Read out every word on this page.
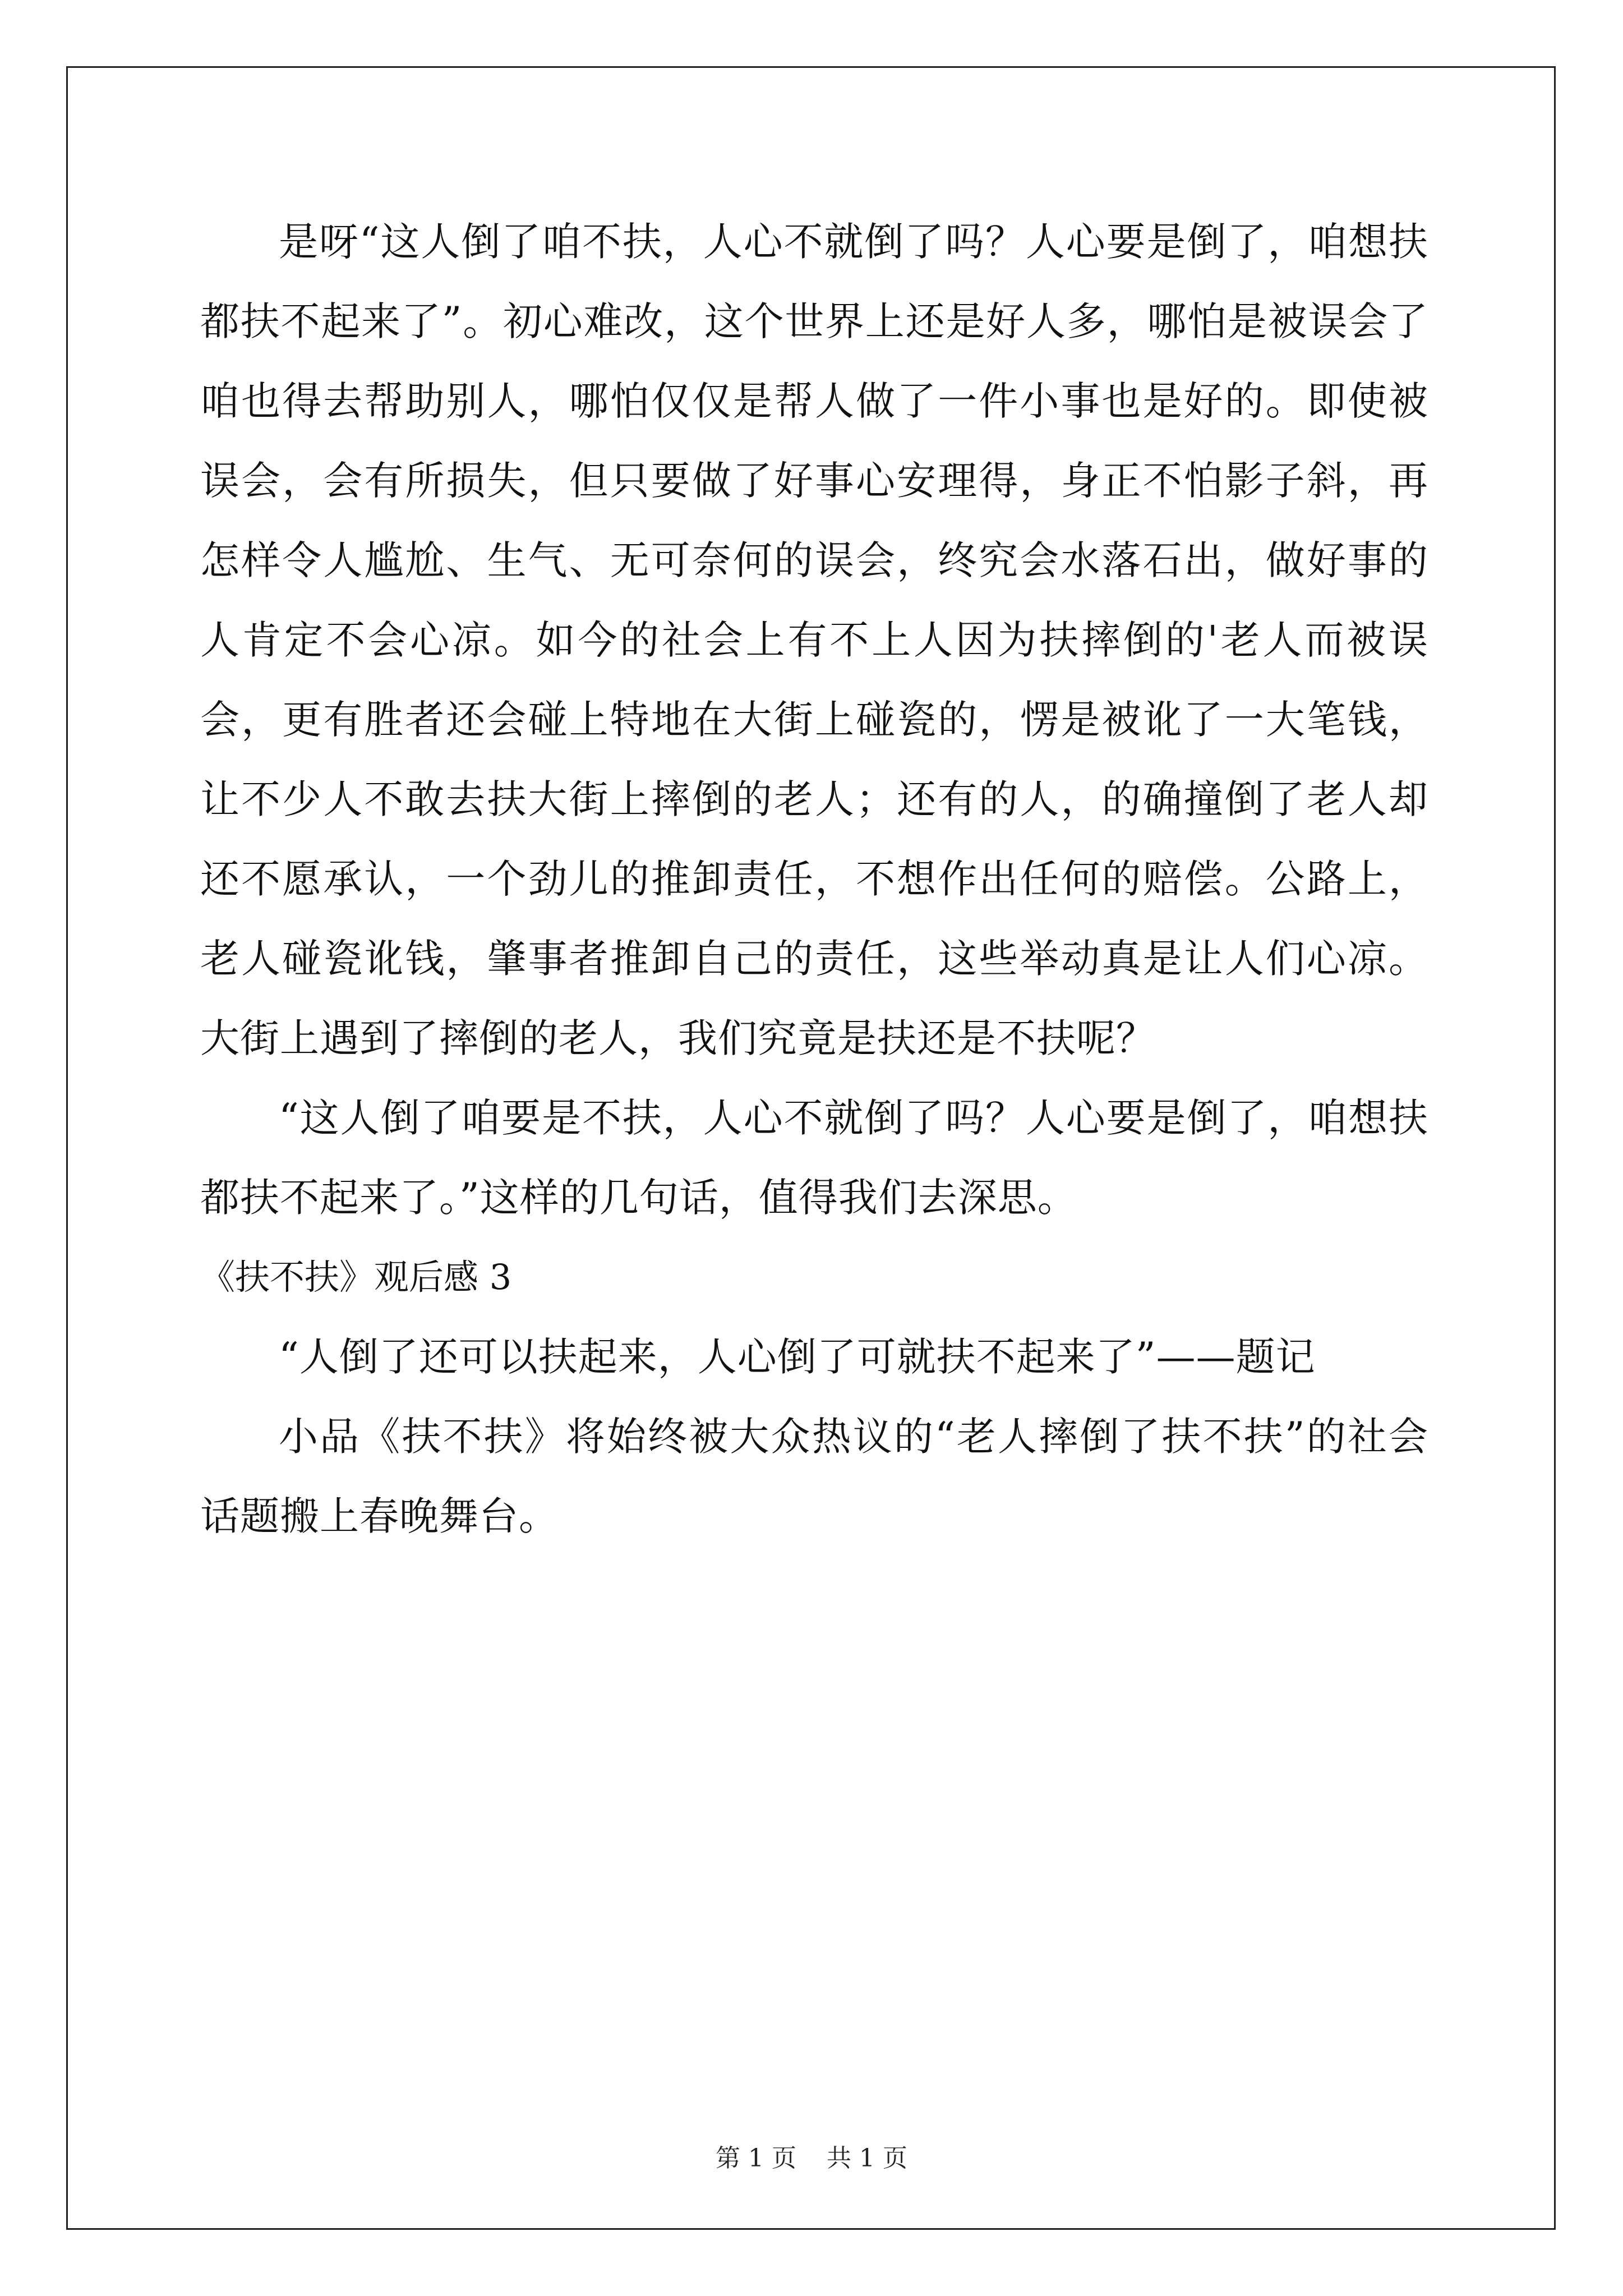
是呀“这人倒了咱不扶，人心不就倒了吗？人心要是倒了，咱想扶都扶不起来了”。初心难改，这个世界上还是好人多，哪怕是被误会了咱也得去帮助别人，哪怕仅仅是帮人做了一件小事也是好的。即使被误会，会有所损失，但只要做了好事心安理得，身正不怕影子斜，再怎样令人尴尬、生气、无可奈何的误会，终究会水落石出，做好事的人肯定不会心凉。如今的社会上有不上人因为扶摔倒的'老人而被误会，更有胜者还会碰上特地在大街上碰瓷的，愣是被讹了一大笔钱，让不少人不敢去扶大街上摔倒的老人；还有的人，的确撞倒了老人却还不愿承认，一个劲儿的推卸责任，不想作出任何的赔偿。公路上，老人碰瓷讹钱，肇事者推卸自己的责任，这些举动真是让人们心凉。大街上遇到了摔倒的老人，我们究竟是扶还是不扶呢？

“这人倒了咱要是不扶，人心不就倒了吗？人心要是倒了，咱想扶都扶不起来了。”这样的几句话，值得我们去深思。

《扶不扶》观后感 3

“人倒了还可以扶起来，人心倒了可就扶不起来了”——题记

小品《扶不扶》将始终被大众热议的“老人摔倒了扶不扶”的社会话题搬上春晚舞台。

第 1 页 共 1 页
